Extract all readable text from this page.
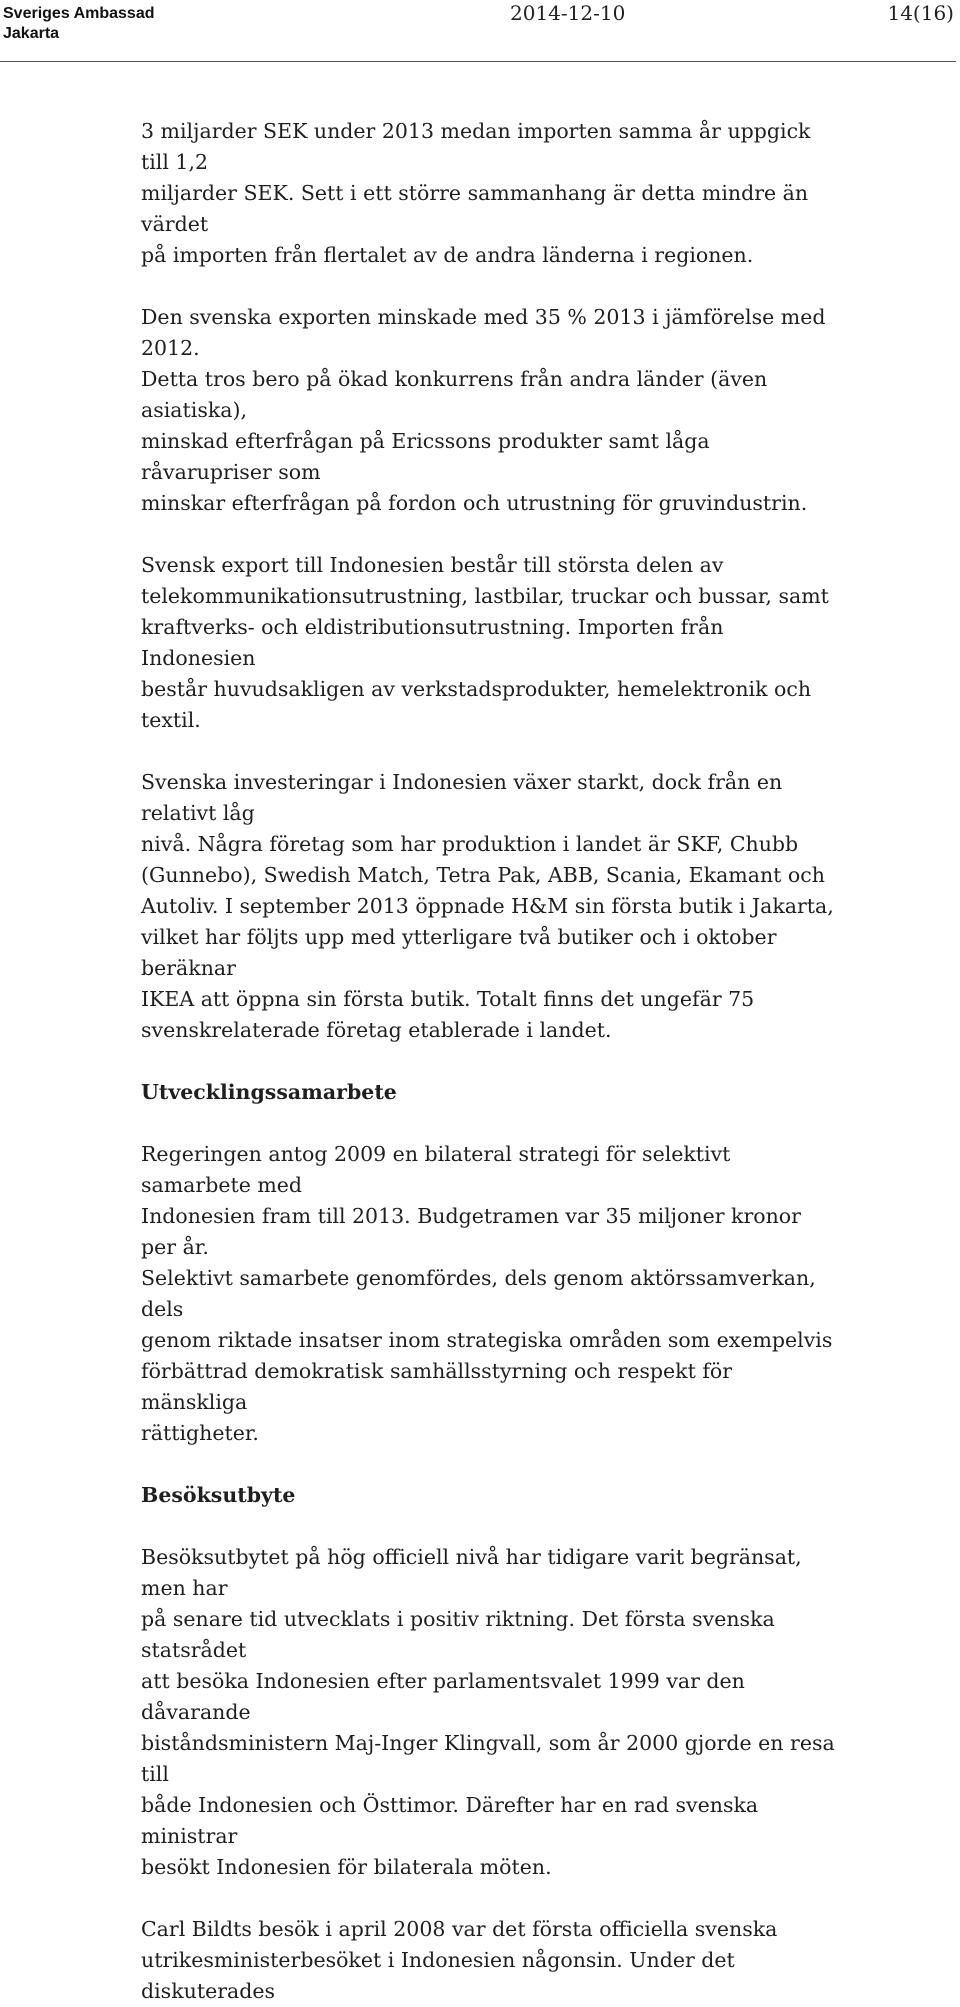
Sveriges Ambassad
Jakarta
2014-12-10	14(16)

3 miljarder SEK under 2013 medan importen samma år uppgick till 1,2
miljarder SEK. Sett i ett större sammanhang är detta mindre än värdet
på importen från flertalet av de andra länderna i regionen.

Den svenska exporten minskade med 35 % 2013 i jämförelse med 2012.
Detta tros bero på ökad konkurrens från andra länder (även asiatiska),
minskad efterfrågan på Ericssons produkter samt låga råvarupriser som
minskar efterfrågan på fordon och utrustning för gruvindustrin.

Svensk export till Indonesien består till största delen av
telekommunikationsutrustning, lastbilar, truckar och bussar, samt
kraftverks- och eldistributionsutrustning. Importen från Indonesien
består huvudsakligen av verkstadsprodukter, hemelektronik och textil.

Svenska investeringar i Indonesien växer starkt, dock från en relativt låg
nivå. Några företag som har produktion i landet är SKF, Chubb
(Gunnebo), Swedish Match, Tetra Pak, ABB, Scania, Ekamant och
Autoliv. I september 2013 öppnade H&M sin första butik i Jakarta,
vilket har följts upp med ytterligare två butiker och i oktober beräknar
IKEA att öppna sin första butik. Totalt finns det ungefär 75
svenskrelaterade företag etablerade i landet.

Utvecklingssamarbete

Regeringen antog 2009 en bilateral strategi för selektivt samarbete med
Indonesien fram till 2013. Budgetramen var 35 miljoner kronor per år.
Selektivt samarbete genomfördes, dels genom aktörssamverkan, dels
genom riktade insatser inom strategiska områden som exempelvis
förbättrad demokratisk samhällsstyrning och respekt för mänskliga
rättigheter.

Besöksutbyte

Besöksutbytet på hög officiell nivå har tidigare varit begränsat, men har
på senare tid utvecklats i positiv riktning. Det första svenska statsrådet
att besöka Indonesien efter parlamentsvalet 1999 var den dåvarande
biståndsministern Maj-Inger Klingvall, som år 2000 gjorde en resa till
både Indonesien och Östtimor. Därefter har en rad svenska ministrar
besökt Indonesien för bilaterala möten.

Carl Bildts besök i april 2008 var det första officiella svenska
utrikesministerbesöket i Indonesien någonsin. Under det diskuterades
